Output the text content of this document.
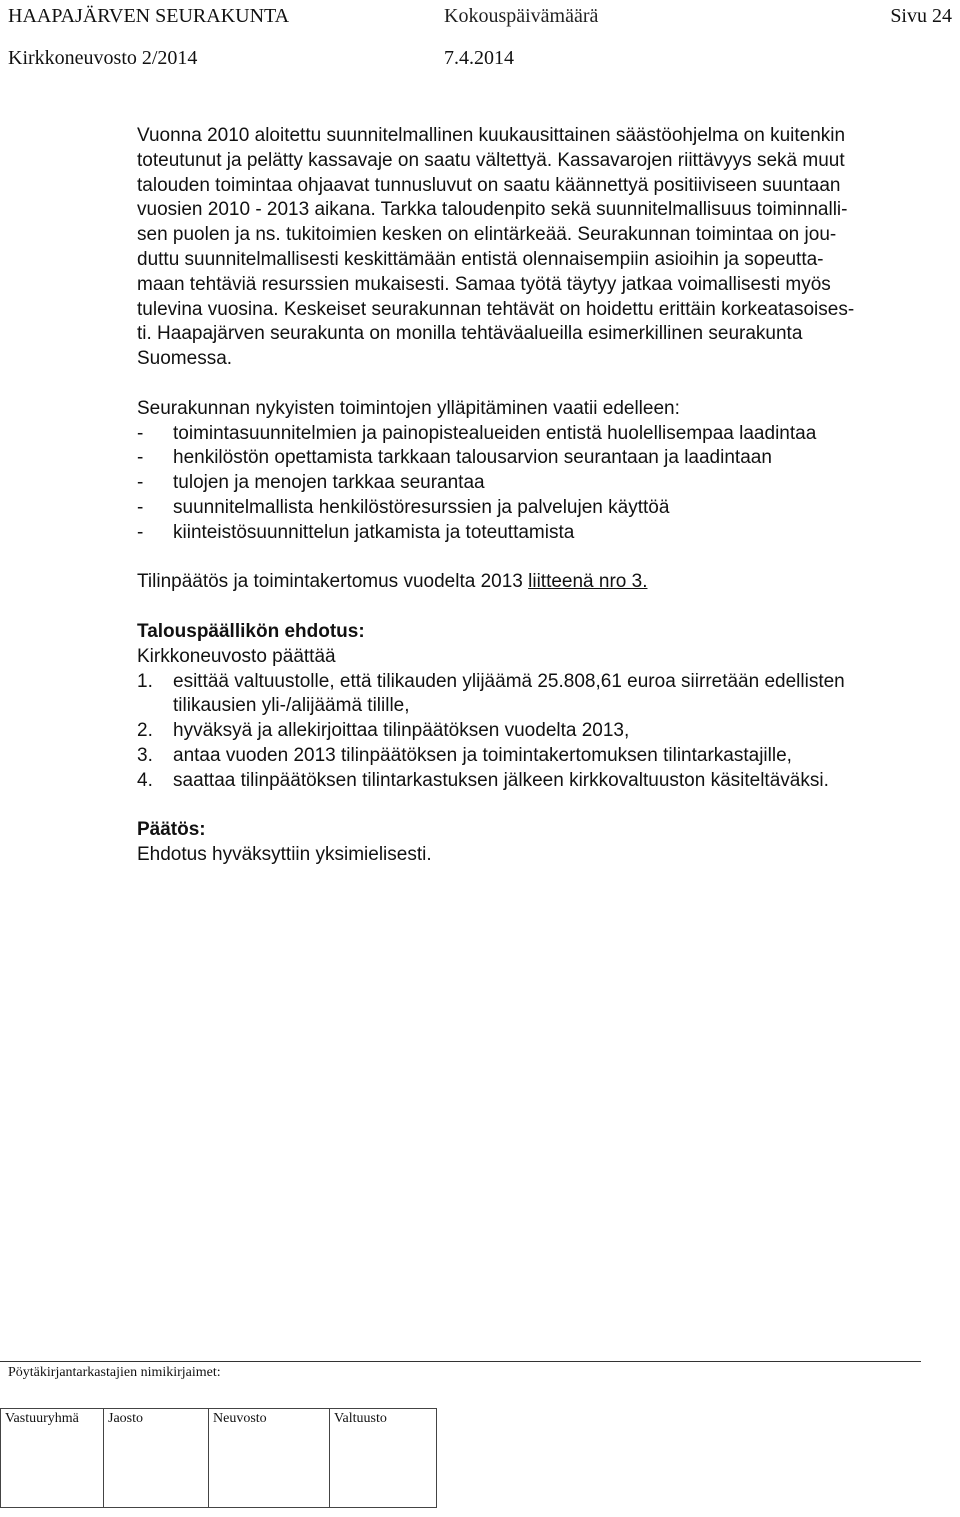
HAAPAJÄRVEN SEURAKUNTA	Kokouspäivämäärä	Sivu 24
Kirkkoneuvosto 2/2014	7.4.2014
Vuonna 2010 aloitettu suunnitelmallinen kuukausittainen säästöohjelma on kuitenkin
toteutunut ja pelätty kassavaje on saatu vältettyä. Kassavarojen riittävyys sekä muut
talouden toimintaa ohjaavat tunnusluvut on saatu käännettyä positiiviseen suuntaan
vuosien 2010 - 2013 aikana. Tarkka taloudenpito sekä suunnitelmallisuus toiminnalli-
sen puolen ja ns. tukitoimien kesken on elintärkeää. Seurakunnan toimintaa on jou-
duttu suunnitelmallisesti keskittämään entistä olennaisempiin asioihin ja sopeutta-
maan tehtäviä resurssien mukaisesti. Samaa työtä täytyy jatkaa voimallisesti myös
tulevina vuosina. Keskeiset seurakunnan tehtävät on hoidettu erittäin korkeatasoises-
ti. Haapajärven seurakunta on monilla tehtäväalueilla esimerkillinen seurakunta
Suomessa.
Seurakunnan nykyisten toimintojen ylläpitäminen vaatii edelleen:
- toimintasuunnitelmien ja painopistealueiden entistä huolellisempaa laadintaa
- henkilöstön opettamista tarkkaan talousarvion seurantaan ja laadintaan
- tulojen ja menojen tarkkaa seurantaa
- suunnitelmallista henkilöstöresurssien ja palvelujen käyttöä
- kiinteistösuunnittelun jatkamista ja toteuttamista
Tilinpäätös ja toimintakertomus vuodelta 2013 liitteenä nro 3.
Talouspäällikön ehdotus:
Kirkkoneuvosto päättää
1. esittää valtuustolle, että tilikauden ylijäämä 25.808,61 euroa siirretään edellisten
tilikausien yli-/alijäämä tilille,
2. hyväksyä ja allekirjoittaa tilinpäätöksen vuodelta 2013,
3. antaa vuoden 2013 tilinpäätöksen ja toimintakertomuksen tilintarkastajille,
4. saattaa tilinpäätöksen tilintarkastuksen jälkeen kirkkovaltuuston käsiteltäväksi.
Päätös:
Ehdotus hyväksyttiin yksimielisesti.
Pöytäkirjantarkastajien nimikirjaimet:
Vastuuryhmä	Jaosto	Neuvosto	Valtuusto
